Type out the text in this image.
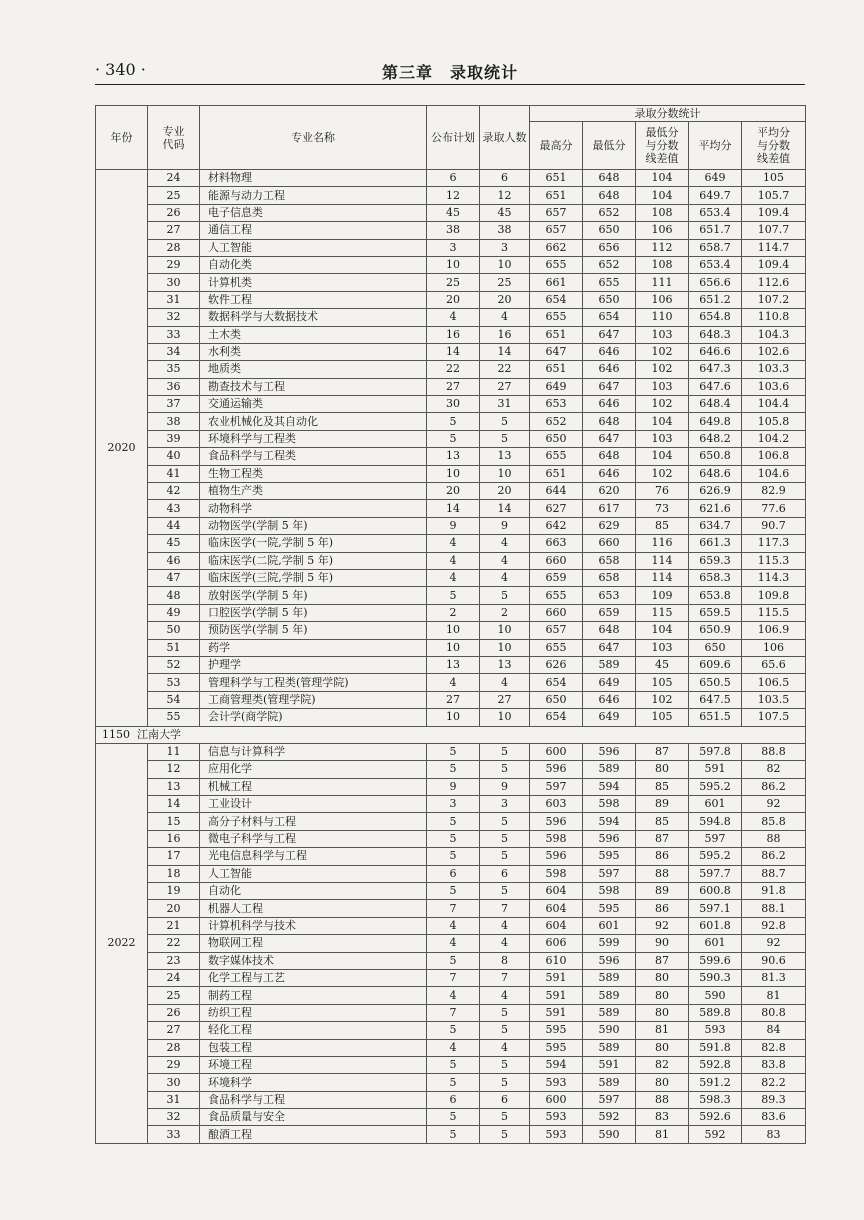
· 340 ·	第三章　录取统计
年份	专业代码	专业名称	公布计划	录取人数	录取分数统计				
					最高分	最低分	最低分与分数线差值	平均分	平均分与分数线差值

2020	24	材料物理	6	6	651	648	104	649	105
	25	能源与动力工程	12	12	651	648	104	649.7	105.7
	26	电子信息类	45	45	657	652	108	653.4	109.4
	27	通信工程	38	38	657	650	106	651.7	107.7
	28	人工智能	3	3	662	656	112	658.7	114.7
	29	自动化类	10	10	655	652	108	653.4	109.4
	30	计算机类	25	25	661	655	111	656.6	112.6
	31	软件工程	20	20	654	650	106	651.2	107.2
	32	数据科学与大数据技术	4	4	655	654	110	654.8	110.8
	33	土木类	16	16	651	647	103	648.3	104.3
	34	水利类	14	14	647	646	102	646.6	102.6
	35	地质类	22	22	651	646	102	647.3	103.3
	36	勘查技术与工程	27	27	649	647	103	647.6	103.6
	37	交通运输类	30	31	653	646	102	648.4	104.4
	38	农业机械化及其自动化	5	5	652	648	104	649.8	105.8
	39	环境科学与工程类	5	5	650	647	103	648.2	104.2
	40	食品科学与工程类	13	13	655	648	104	650.8	106.8
	41	生物工程类	10	10	651	646	102	648.6	104.6
	42	植物生产类	20	20	644	620	76	626.9	82.9
	43	动物科学	14	14	627	617	73	621.6	77.6
	44	动物医学(学制 5 年)	9	9	642	629	85	634.7	90.7
	45	临床医学(一院,学制 5 年)	4	4	663	660	116	661.3	117.3
	46	临床医学(二院,学制 5 年)	4	4	660	658	114	659.3	115.3
	47	临床医学(三院,学制 5 年)	4	4	659	658	114	658.3	114.3
	48	放射医学(学制 5 年)	5	5	655	653	109	653.8	109.8
	49	口腔医学(学制 5 年)	2	2	660	659	115	659.5	115.5
	50	预防医学(学制 5 年)	10	10	657	648	104	650.9	106.9
	51	药学	10	10	655	647	103	650	106
	52	护理学	13	13	626	589	45	609.6	65.6
	53	管理科学与工程类(管理学院)	4	4	654	649	105	650.5	106.5
	54	工商管理类(管理学院)	27	27	650	646	102	647.5	103.5
	55	会计学(商学院)	10	10	654	649	105	651.5	107.5
1150 江南大学									
2022	11	信息与计算科学	5	5	600	596	87	597.8	88.8
	12	应用化学	5	5	596	589	80	591	82
	13	机械工程	9	9	597	594	85	595.2	86.2
	14	工业设计	3	3	603	598	89	601	92
	15	高分子材料与工程	5	5	596	594	85	594.8	85.8
	16	微电子科学与工程	5	5	598	596	87	597	88
	17	光电信息科学与工程	5	5	596	595	86	595.2	86.2
	18	人工智能	6	6	598	597	88	597.7	88.7
	19	自动化	5	5	604	598	89	600.8	91.8
	20	机器人工程	7	7	604	595	86	597.1	88.1
	21	计算机科学与技术	4	4	604	601	92	601.8	92.8
	22	物联网工程	4	4	606	599	90	601	92
	23	数字媒体技术	5	8	610	596	87	599.6	90.6
	24	化学工程与工艺	7	7	591	589	80	590.3	81.3
	25	制药工程	4	4	591	589	80	590	81
	26	纺织工程	7	5	591	589	80	589.8	80.8
	27	轻化工程	5	5	595	590	81	593	84
	28	包装工程	4	4	595	589	80	591.8	82.8
	29	环境工程	5	5	594	591	82	592.8	83.8
	30	环境科学	5	5	593	589	80	591.2	82.2
	31	食品科学与工程	6	6	600	597	88	598.3	89.3
	32	食品质量与安全	5	5	593	592	83	592.6	83.6
	33	酿酒工程	5	5	593	590	81	592	83
